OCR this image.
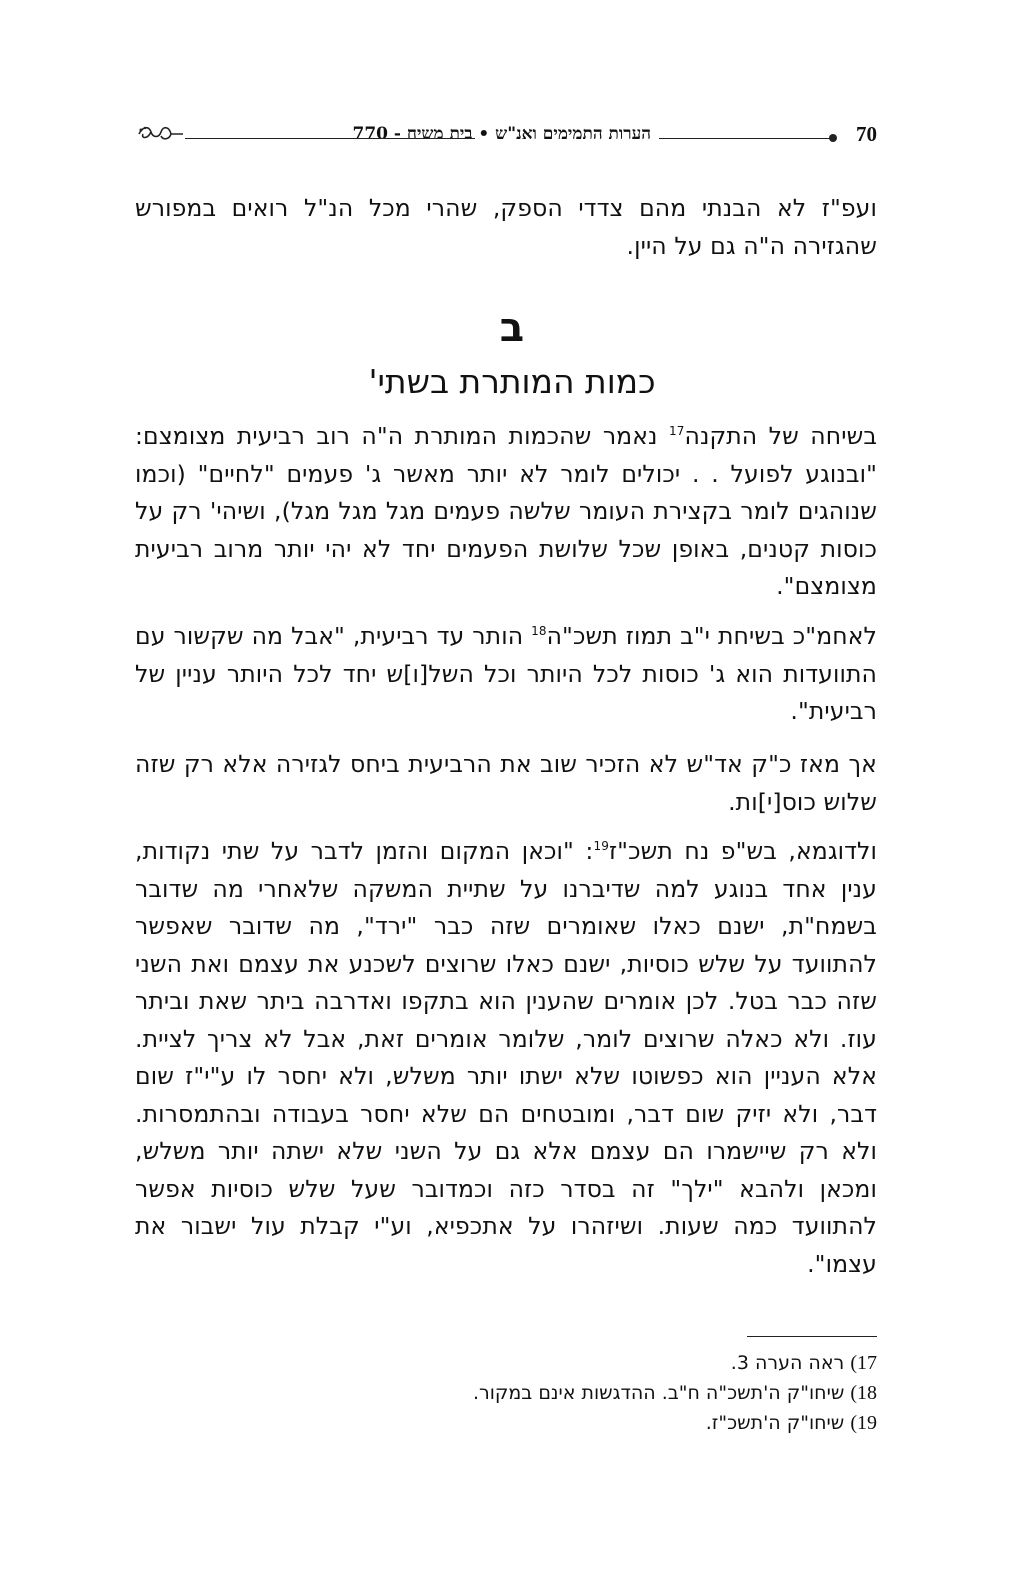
70
הערות התמימים ואנ"ש • בית משיח - 770

ועפ"ז לא הבנתי מהם צדדי הספק, שהרי מכל הנ"ל רואים במפורש שהגזירה ה"ה גם על היין.

ב
כמות המותרת בשתי'

בשיחה של התקנה$^{17}$ נאמר שהכמות המותרת ה"ה רוב רביעית מצומצם: "ובנוגע לפועל . . יכולים לומר לא יותר מאשר ג' פעמים "לחיים" (וכמו שנוהגים לומר בקצירת העומר שלשה פעמים מגל מגל מגל), ושיהי' רק על כוסות קטנים, באופן שכל שלושת הפעמים יחד לא יהי יותר מרוב רביעית מצומצם".

לאחמ"כ בשיחת י"ב תמוז תשכ"ה$^{18}$ הותר עד רביעית, "אבל מה שקשור עם התוועדות הוא ג' כוסות לכל היותר וכל השל[ו]ש יחד לכל היותר עניין של רביעית".

אך מאז כ"ק אד"ש לא הזכיר שוב את הרביעית ביחס לגזירה אלא רק שזה שלוש כוס[י]ות.

ולדוגמא, בש"פ נח תשכ"ז$^{19}$: "וכאן המקום והזמן לדבר על שתי נקודות, ענין אחד בנוגע למה שדיברנו על שתיית המשקה שלאחרי מה שדובר בשמח"ת, ישנם כאלו שאומרים שזה כבר "ירד", מה שדובר שאפשר להתוועד על שלש כוסיות, ישנם כאלו שרוצים לשכנע את עצמם ואת השני שזה כבר בטל. לכן אומרים שהענין הוא בתקפו ואדרבה ביתר שאת וביתר עוז. ולא כאלה שרוצים לומר, שלומר אומרים זאת, אבל לא צריך לציית. אלא העניין הוא כפשוטו שלא ישתו יותר משלש, ולא יחסר לו ע"י"ז שום דבר, ולא יזיק שום דבר, ומובטחים הם שלא יחסר בעבודה ובהתמסרות. ולא רק שיישמרו הם עצמם אלא גם על השני שלא ישתה יותר משלש, ומכאן ולהבא "ילך" זה בסדר כזה וכמדובר שעל שלש כוסיות אפשר להתוועד כמה שעות. ושיזהרו על אתכפיא, וע"י קבלת עול ישבור את עצמו".

17) ראה הערה 3.
18) שיחו"ק ה'תשכ"ה ח"ב. ההדגשות אינם במקור.
19) שיחו"ק ה'תשכ"ז.
